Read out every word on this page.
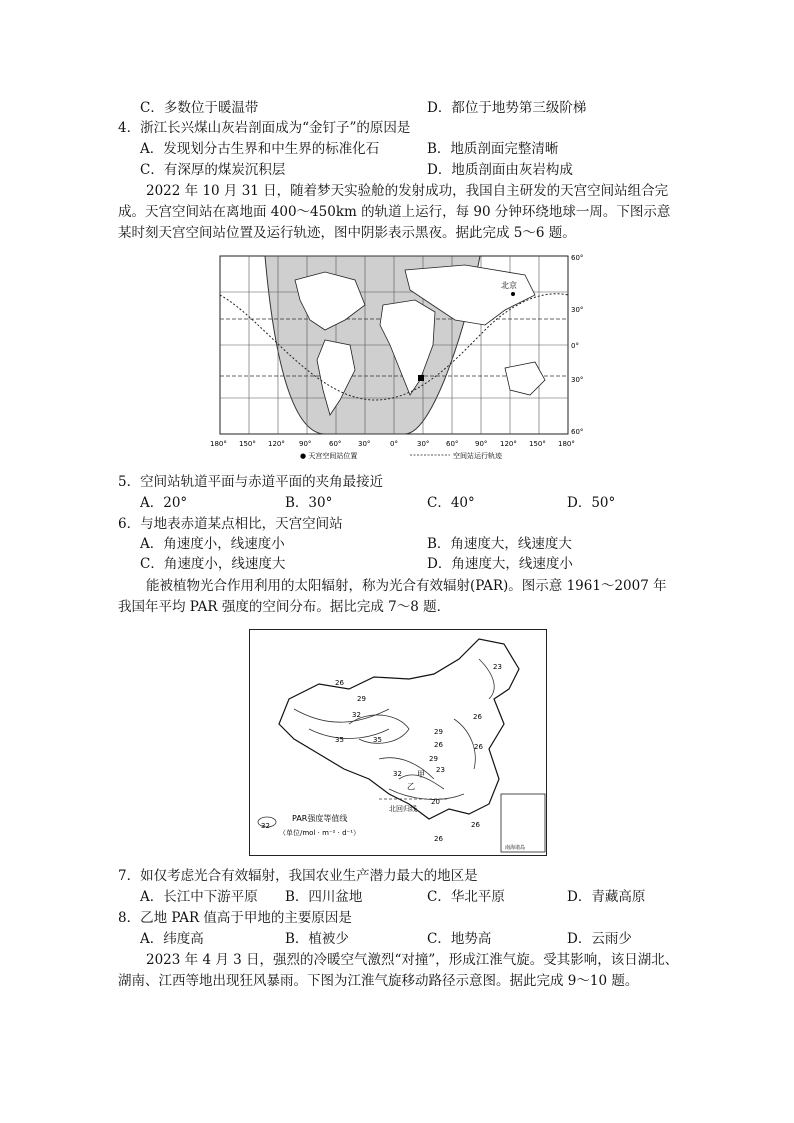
C．多数位于暖温带	D．都位于地势第三级阶梯
4．浙江长兴煤山灰岩剖面成为“金钉子”的原因是
A．发现划分古生界和中生界的标准化石	B．地质剖面完整清晰
C．有深厚的煤炭沉积层	D．地质剖面由灰岩构成
2022 年 10 月 31 日，随着梦天实验舱的发射成功，我国自主研发的天宫空间站组合完
成。天宫空间站在离地面 400～450km 的轨道上运行，每 90 分钟环绕地球一周。下图示意
某时刻天宫空间站位置及运行轨迹，图中阴影表示黑夜。据此完成 5～6 题。
北京
60°
30°
0°
30°
60°
180° 150° 120° 90°	60° 30°	0°	30° 60° 90° 120° 150° 180°
● 天宫空间站位置	空间站运行轨迹
5．空间站轨道平面与赤道平面的夹角最接近
A．20°	B．30°	C．40°	D．50°
6．与地表赤道某点相比，天宫空间站
A．角速度小，线速度小	B．角速度大，线速度大
C．角速度小，线速度大	D．角速度大，线速度小
能被植物光合作用利用的太阳辐射，称为光合有效辐射(PAR)。图示意 1961～2007 年
我国年平均 PAR 强度的空间分布。据比完成 7～8 题．
23
26
29
32
35	35
29
26
26	26
32
29
23
20
26
26
32
甲
乙
北回归线
PAR强度等值线
（单位/mol · m⁻² · d⁻¹）
南海诸岛
7．如仅考虑光合有效辐射，我国农业生产潜力最大的地区是
A．长江中下游平原 B．四川盆地	C．华北平原	D．青藏高原
8．乙地 PAR 值高于甲地的主要原因是
A．纬度高	B．植被少	C．地势高	D．云雨少
2023 年 4 月 3 日，强烈的冷暖空气激烈“对撞”，形成江淮气旋。受其影响，该日湖北、
湖南、江西等地出现狂风暴雨。下图为江淮气旋移动路径示意图。据此完成 9～10 题。
